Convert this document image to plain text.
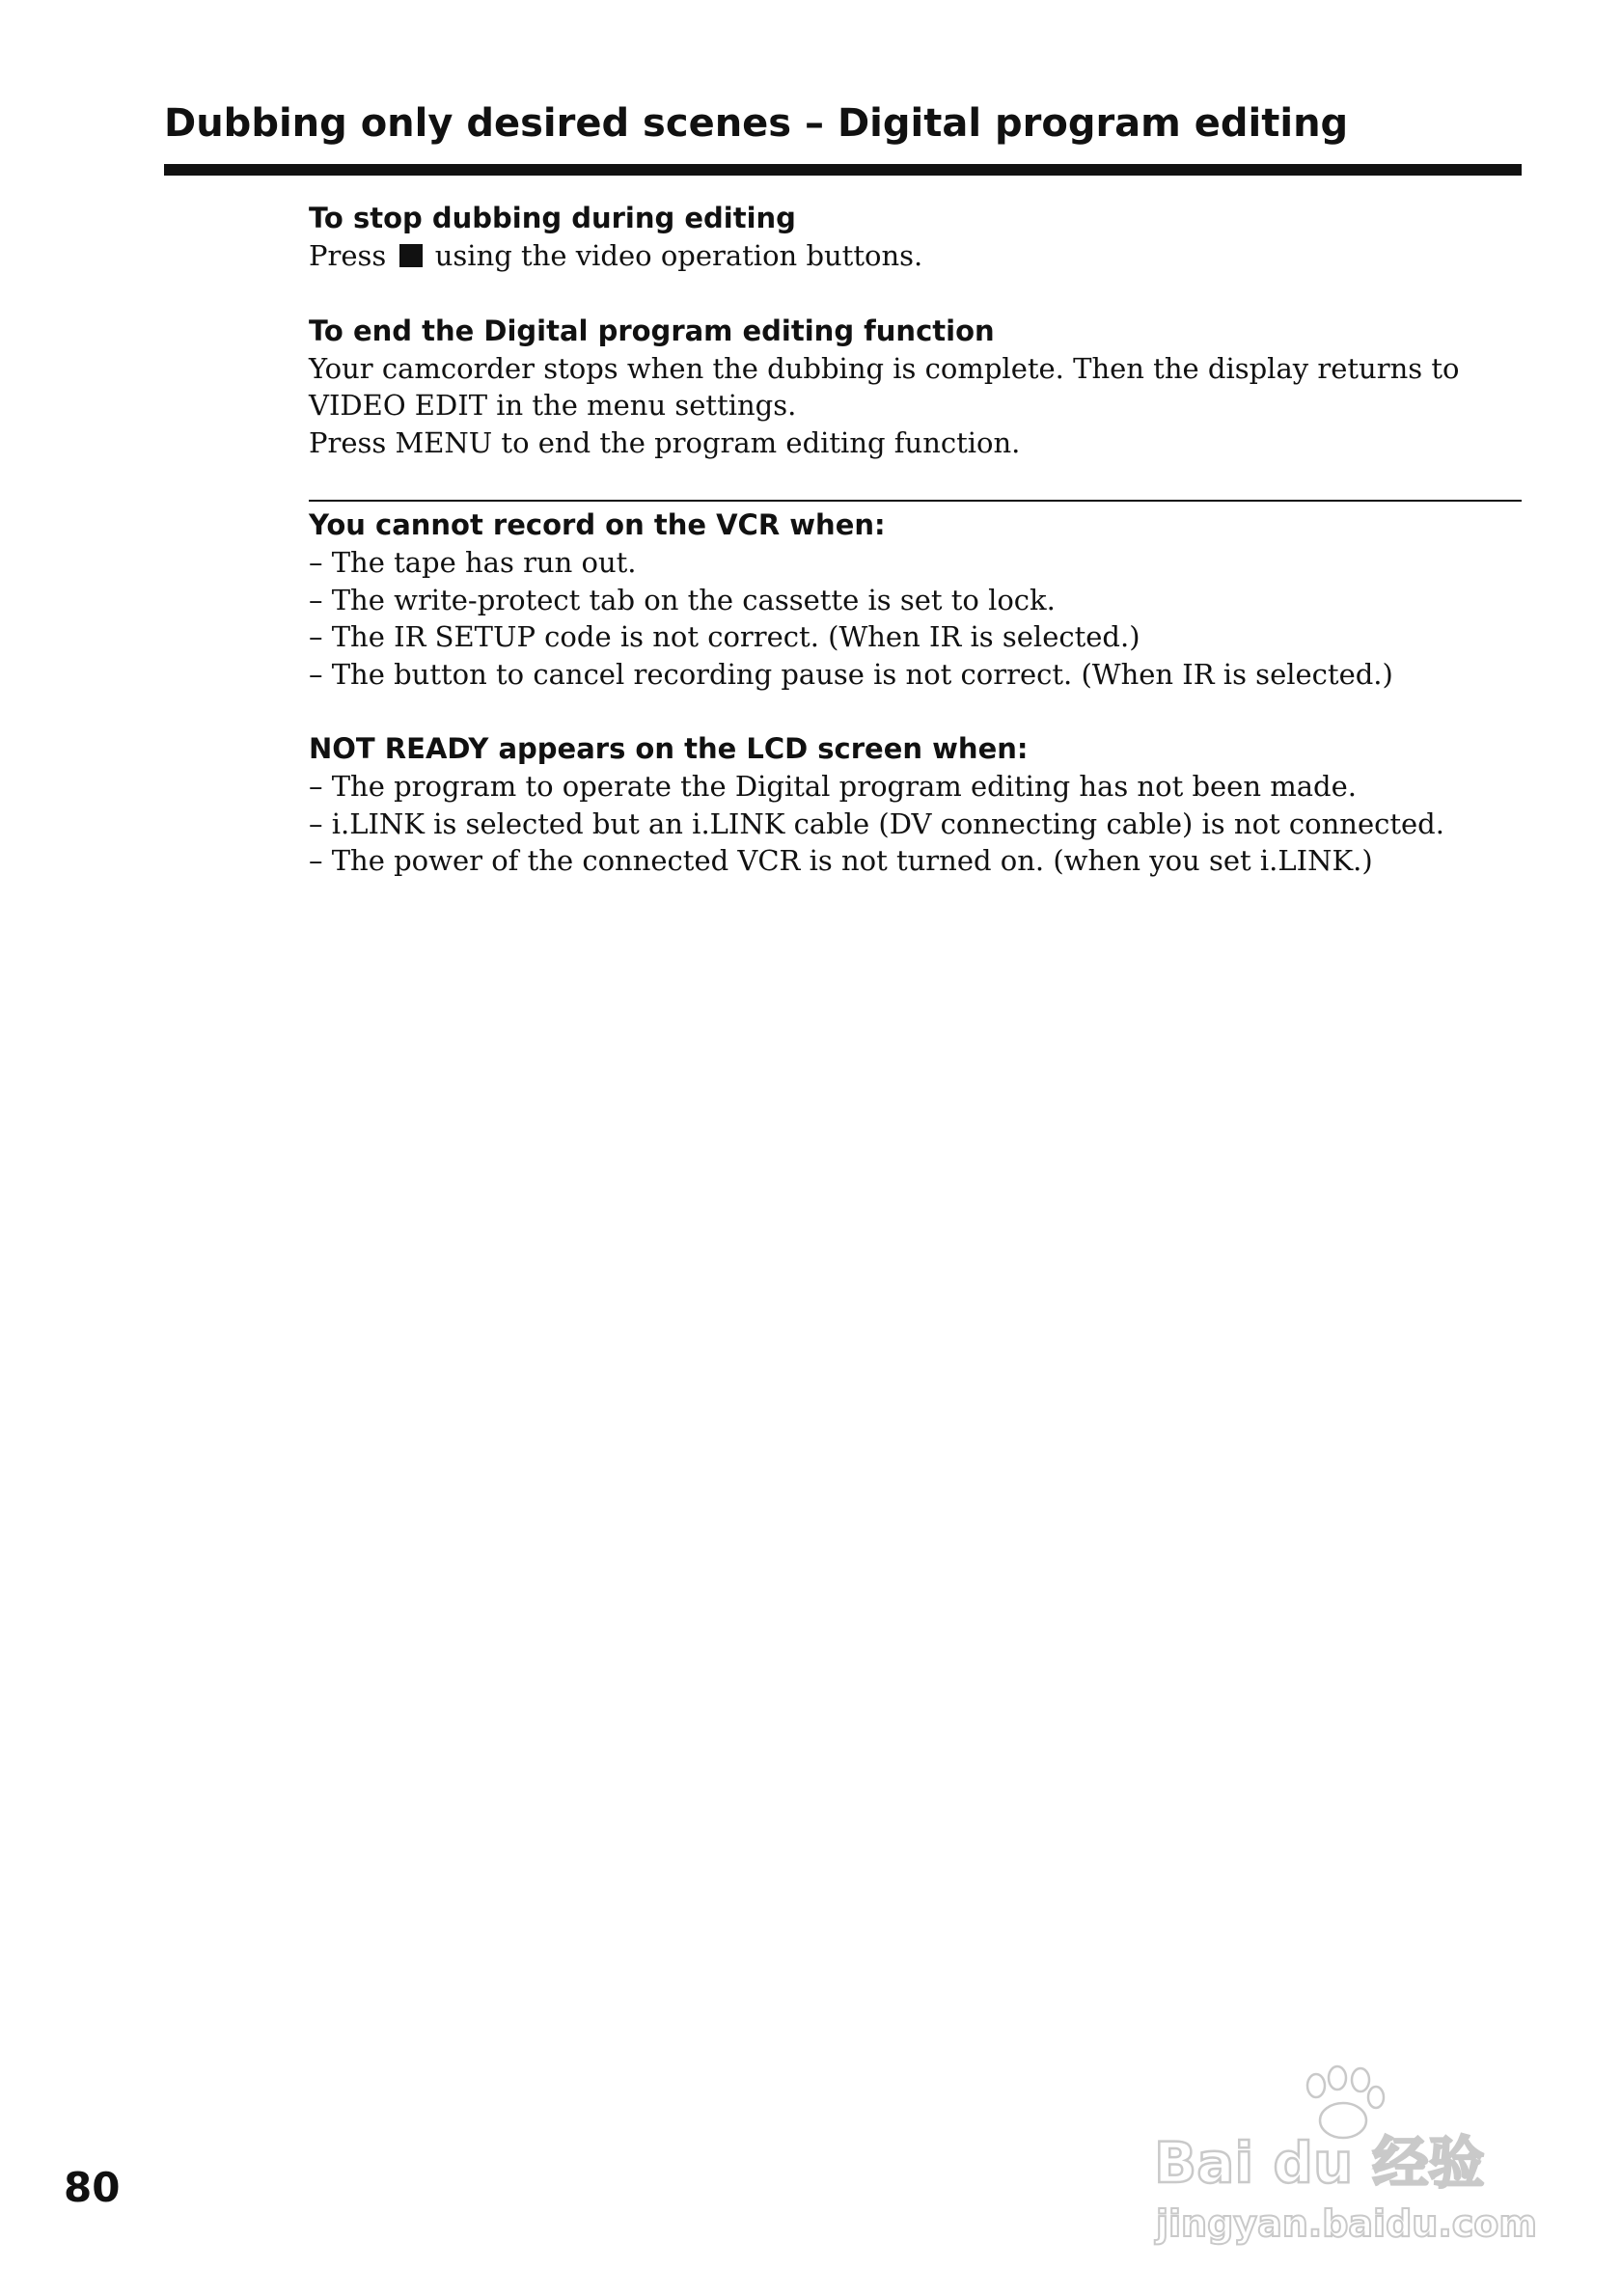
Dubbing only desired scenes – Digital program editing

To stop dubbing during editing

Press using the video operation buttons.

To end the Digital program editing function

Your camcorder stops when the dubbing is complete. Then the display returns to

VIDEO EDIT in the menu settings.

Press MENU to end the program editing function.

You cannot record on the VCR when:

– The tape has run out.

– The write-protect tab on the cassette is set to lock.

– The IR SETUP code is not correct. (When IR is selected.)

– The button to cancel recording pause is not correct. (When IR is selected.)

NOT READY appears on the LCD screen when:

– The program to operate the Digital program editing has not been made.

– i.LINK is selected but an i.LINK cable (DV connecting cable) is not connected.

– The power of the connected VCR is not turned on. (when you set i.LINK.)

80	Bai du 经验
jingyan.baidu.com
